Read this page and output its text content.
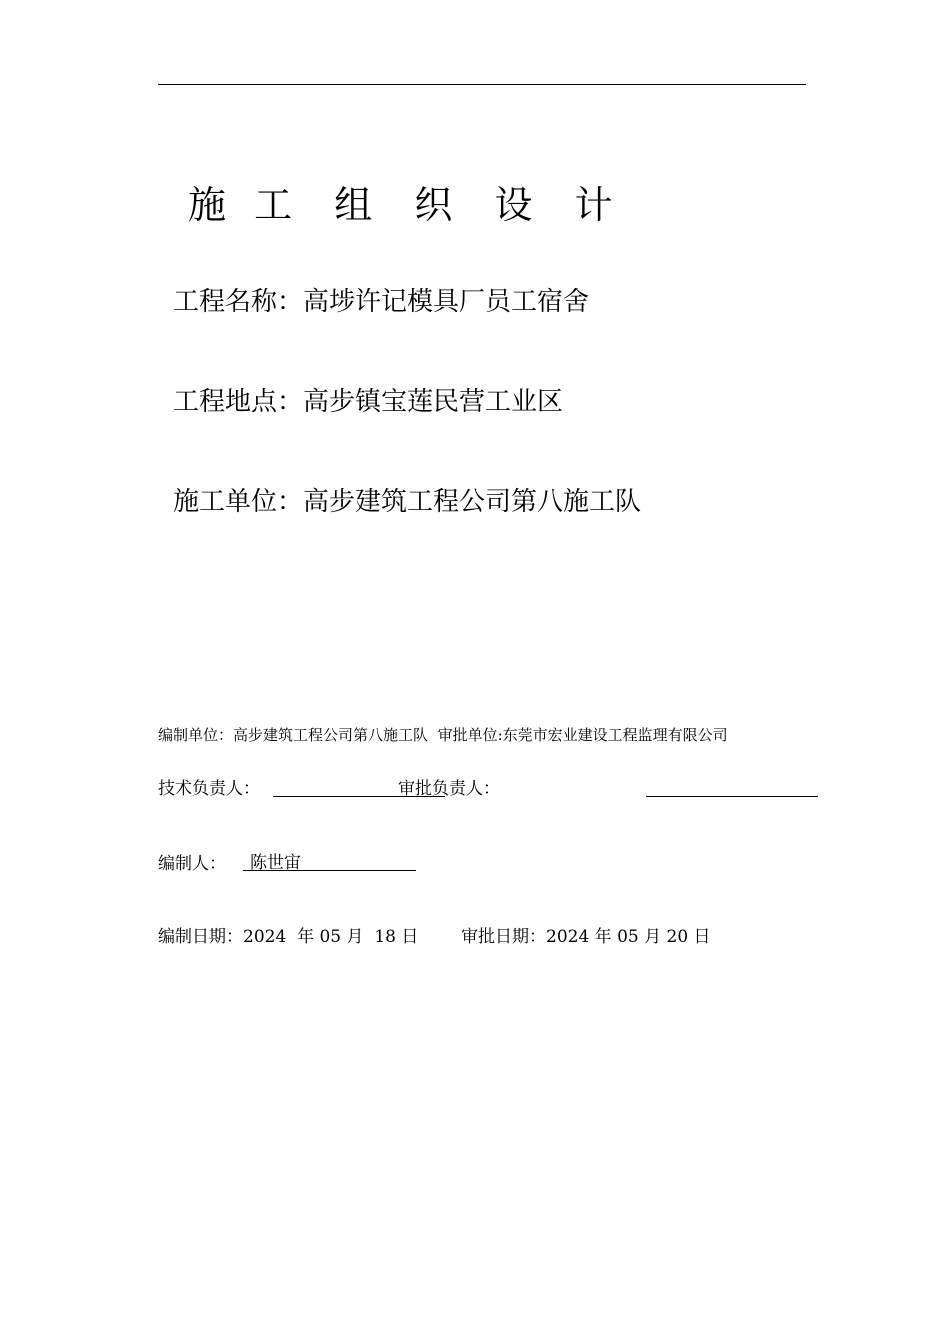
施 工 组 织 设 计
工程名称：高埗许记模具厂员工宿舍
工程地点：高步镇宝莲民营工业区
施工单位：高步建筑工程公司第八施工队
编制单位：高步建筑工程公司第八施工队 审批单位:东莞市宏业建设工程监理有限公司
技术负责人：	审批负责人：
编制人： 陈世宙
编制日期：2024  年 05 月  18 日	审批日期：2024 年 05 月 20 日
